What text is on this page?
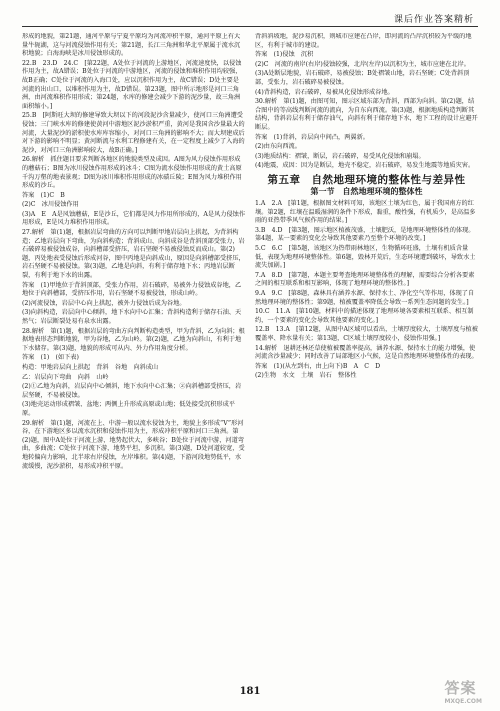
课后作业答案精析

形成的地貌，第21题，通河平原与宁夏平原均为河流冲积平原，通河平原上有大量牛轭湖，这与河流侵蚀作用有关；第21题，长江三角洲和华北平原属于流水沉积地貌；白海海峡是冰川侵蚀形成的。

22.B　23.D　24.C　[第22题，A处位于河流的上游地区，河流速度快，以侵蚀作用为主，故A错误；B处位于河流的中游地区，河流的侵蚀和堆积作用均较强，故B正确；C处位于河流的入海口处，应以沉积作用为主，故C错误；D处主要是河流的出山口，以堆积作用为主，故D错误。第23题，图中所示地形是河口三角洲，由河流堆积作用形成；第24题，水库的修建会减少下游的泥沙量，故三角洲面积缩小。]

25.B　[阿斯旺大坝的修建导致大坝以下的河段泥沙含量减少，使河口三角洲遭受侵蚀；三门峡水库的修建使黄河中游地区泥沙淤积严重，黄河是我国含沙量最大的河流，大量泥沙的淤积使水库库容缩小，对河口三角洲的影响不大；而大坝建成后对下游的影响不明显；黄河断流与水利工程修建有关，在一定程度上减少了入海的泥沙，对河口三角洲影响较大，故B正确。]

26.解析　抓住题目要求判断各地区的地貌类型及成因。A图为风力侵蚀作用形成的蘑菇石；B图为冰川侵蚀作用形成的冰斗；C图为流水侵蚀作用形成的黄土高原千沟万壑的地表景观；D图为冰川堆积作用形成的冰碛丘陵；E图为风力堆积作用形成的沙丘。

答案　(1)C　B

(2)C　冰川侵蚀作用

(3)A　E　A是风蚀蘑菇，E是沙丘，它们都是风力作用所形成的，A是风力侵蚀作用形成，E是风力堆积作用形成。

27.解析　第(1)题，根据岩层弯曲的方向可以判断甲地岩层向上拱起，为背斜构造；乙地岩层向下弯曲，为向斜构造；背斜成山、向斜成谷是背斜顶部受张力，岩石破碎易被侵蚀成谷，向斜槽部受挤压，岩石坚硬不易被侵蚀反而成山。第(2)题，丙处地表受侵蚀后形成河谷，图中丙地是向斜成山，原因是向斜槽部受挤压，岩石坚硬不易被侵蚀。第(3)题，乙地是向斜，有利于储存地下水；丙地岩层断裂，有利于地下水的出露。

答案　(1)甲地位于背斜顶部，受张力作用，岩石破碎，易被外力侵蚀成谷地，乙地位于向斜槽部，受挤压作用，岩石坚硬不易被侵蚀，形成山岭。

(2)河流侵蚀，岩层中心向上拱起，被外力侵蚀后成为谷地。

(3)向斜构造，岩层向中心倾斜，地下水向中心汇集；背斜构造利于储存石油、天然气；岩层断裂处易有泉水出露。

28.解析　第(1)题，根据岩层的弯曲方向判断构造类型，甲为背斜，乙为向斜；根据地表形态判断地貌，甲为谷地，乙为山岭。第(2)题，乙地为向斜山，有利于地下水储存。第(3)题，地貌的形成可从内、外力作用角度分析。

答案　(1)　(如下表)

构造：甲地岩层向上拱起　背斜　谷地　向斜成山

乙：岩层向下弯曲　向斜　山岭

(2)①乙地为向斜，岩层向中心倾斜，地下水向中心汇集；②向斜槽部受挤压，岩层坚硬，不易被侵蚀。

(3)地壳运动形成褶皱、盆地；两侧上升形成高原或山地；低处接受沉积形成平原。

29.解析　第(1)题，河流在上、中游一般以流水侵蚀为主，地貌上多形成“V”形河谷，在下游地区多以流水沉积和侵蚀作用为主，形成冲积平原和河口三角洲。第(2)题，图中A处位于河流上游，地势起伏大，多峡谷；B处位于河流中游，河道弯曲，多曲流；C处位于河流下游，地势平坦，多沉积。第(3)题，D处河道较宽，受地转偏向力影响，北半球右岸侵蚀，左岸堆积。第(4)题，下游河段地势低平，水流缓慢，泥沙淤积，易形成冲积平原。

背斜斜坡地，泥沙易沉积，则城市应建在凸岸，即河流的凸岸沉积较为平缓的地区，有利于城市的建设。

答案　(1)侵蚀　沉积

(2)C　河流的南岸(右岸)侵蚀较强，北岸(左岸)以沉积为主，城市应建在北岸。

(3)A处断层地貌，岩石破碎，易被侵蚀；B处褶皱山地，岩石坚硬；C处背斜顶部，受张力，岩石破碎易被侵蚀。

(4)背斜构造，岩石破碎，易被风化侵蚀形成谷地。

30.解析　第(1)题，由图可知，图示区域东部为背斜，西部为向斜。第(2)题，结合图中的等高线判断河流的流向，为自东向西流。第(3)题，根据地质构造判断其结构，背斜岩层有利于储存油气，向斜有利于储存地下水，地下工程的设计应避开断层。

答案　(1)背斜，岩层向中间凸，两翼新。

(2)由东向西流。

(3)地质结构：褶皱，断层，岩石破碎，易受风化侵蚀和崩塌。

(4)地震，成因：因为是断层，地壳不稳定，岩石破碎，易发生地震等地质灾害。

第五章　自然地理环境的整体性与差异性
第一节　自然地理环境的整体性

1.A　2.A　[第1题，根据图文材料可知，该地区土壤为红色，属于我国南方的红壤。第2题，红壤在温暖湿润的条件下形成，黏重，酸性强，有机质少，是高温多雨的亚热带季风气候作用的结果。]

3.B　4.D　[第3题，图示地区植被茂盛，土壤肥沃，是地理环境整体性的体现。第4题，某一要素的变化会导致其他要素乃至整个环境的改变。]

5.C　6.C　[第5题，该地区为热带雨林地区，生物循环旺盛，土壤有机质含量低，表现为地理环境整体性。第6题，毁林开荒后，生态环境遭到破坏，导致水土流失加剧。]

7.A　8.D　[第7题，本题主要考查地理环境整体性的理解，需要综合分析各要素之间的相互联系和相互影响，体现了地理环境的整体性。]

9.A　9.C　[第8题，森林具有涵养水源、保持水土、净化空气等作用，体现了自然地理环境的整体性；第9题，植被覆盖率降低会导致一系列生态问题的发生。]

10.C　11.A　[第10题，材料中的描述体现了地理环境各要素相互联系、相互制约，一个要素的变化会导致其他要素的变化。]

12.B　13.A　[第12题，从图中A区域可以看出，土壤厚度较大，土壤厚度与植被覆盖率、降水量有关；第13题，C区域土壤厚度较小，侵蚀作用强。]

14.解析　退耕还林还草使植被覆盖率提高，涵养水源、保持水土的能力增强，使河流含沙量减少；同时改善了局部地区小气候，这是自然地理环境整体性的表现。

答案　(1)(从左到右，由上向下)B　A　C　D

(2)生物　水文　土壤　岩石　整体性

181	答案
MXQE.COM
